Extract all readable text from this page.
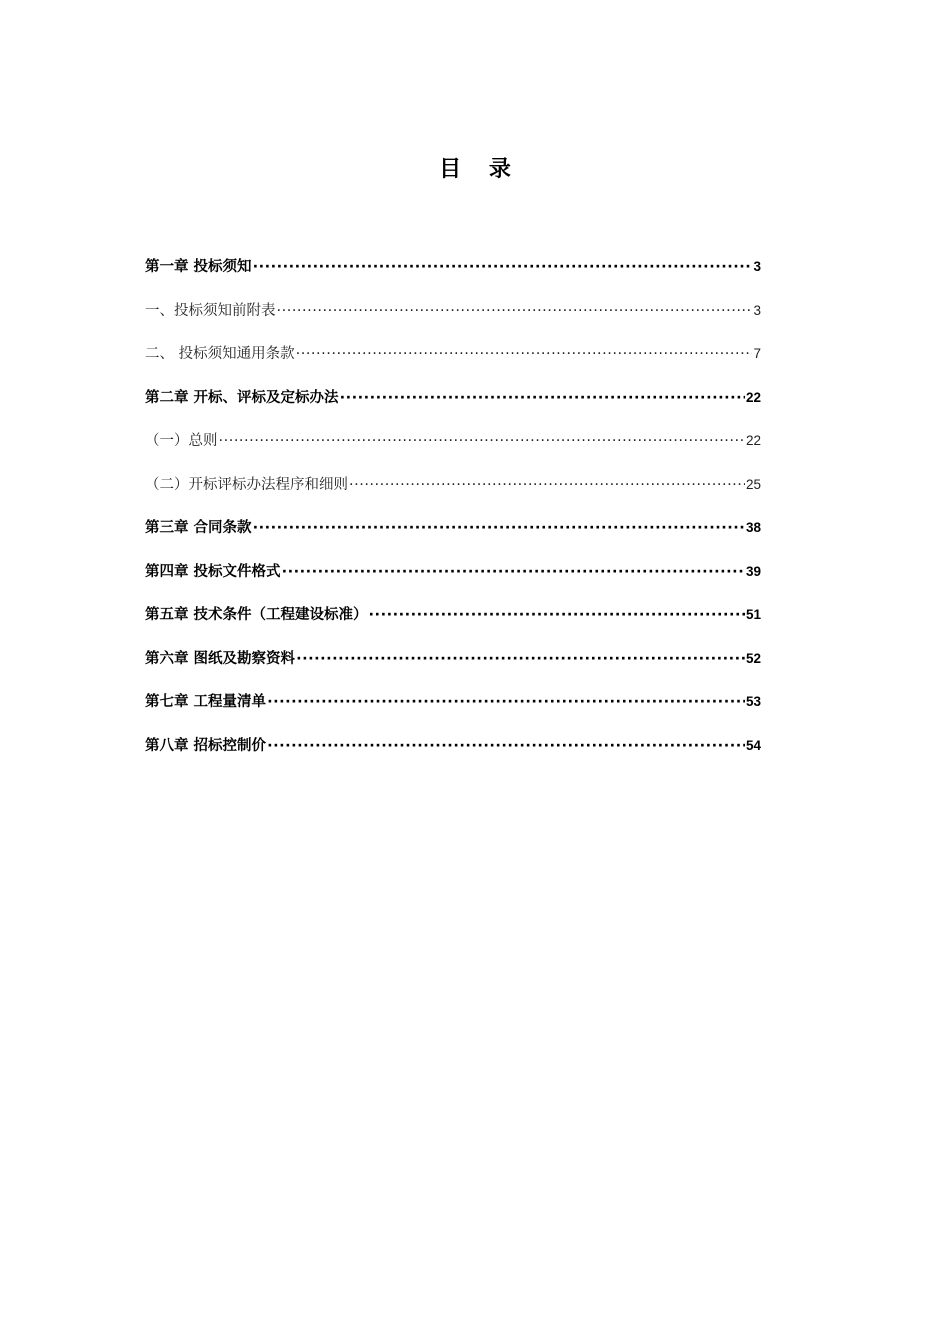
目 录
第一章 投标须知 ·····	3
一、投标须知前附表 ·····	3
二、 投标须知通用条款 ·····	7
第二章 开标、评标及定标办法 ·····	22
（一）总则 ·····	22
（二）开标评标办法程序和细则 ·····	25
第三章 合同条款 ·····	38
第四章 投标文件格式 ·····	39
第五章 技术条件（工程建设标准） ·····	51
第六章 图纸及勘察资料 ·····	52
第七章 工程量清单 ·····	53
第八章 招标控制价 ·····	54
